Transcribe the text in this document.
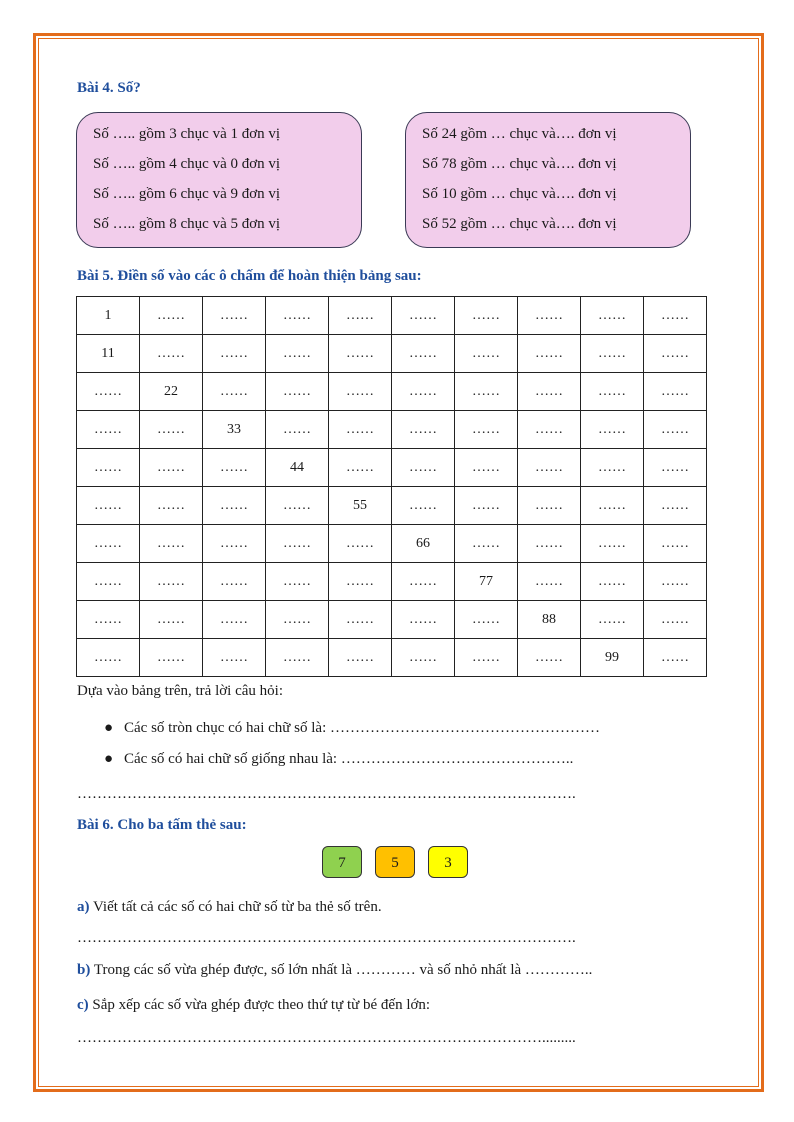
Bài 4. Số?
Số ….. gồm 3 chục và 1 đơn vị
Số ….. gồm 4 chục và 0 đơn vị
Số ….. gồm 6 chục và 9 đơn vị
Số ….. gồm 8 chục và 5 đơn vị
Số 24 gồm … chục và…. đơn vị
Số 78 gồm … chục và…. đơn vị
Số 10 gồm … chục và…. đơn vị
Số 52 gồm … chục và…. đơn vị
Bài 5. Điền số vào các ô chấm để hoàn thiện bảng sau:
1	……	……	……	……	……	……	……	……	……
11	……	……	……	……	……	……	……	……	……
……	22	……	……	……	……	……	……	……	……
……	……	33	……	……	……	……	……	……	……
……	……	……	44	……	……	……	……	……	……
……	……	……	……	55	……	……	……	……	……
……	……	……	……	……	66	……	……	……	……
……	……	……	……	……	……	77	……	……	……
……	……	……	……	……	……	……	88	……	……
……	……	……	……	……	……	……	……	99	……
Dựa vào bảng trên, trả lời câu hỏi:
● Các số tròn chục có hai chữ số là: ………………………………………………
● Các số có hai chữ số giống nhau là: ………………………………………..
……………………………………………………………………………………….
Bài 6. Cho ba tấm thẻ sau:
7	5	3
a) Viết tất cả các số có hai chữ số từ ba thẻ số trên.
……………………………………………………………………………………….
b) Trong các số vừa ghép được, số lớn nhất là ………… và số nhỏ nhất là …………..
c) Sắp xếp các số vừa ghép được theo thứ tự từ bé đến lớn:
………………………………………………………………………………….........
